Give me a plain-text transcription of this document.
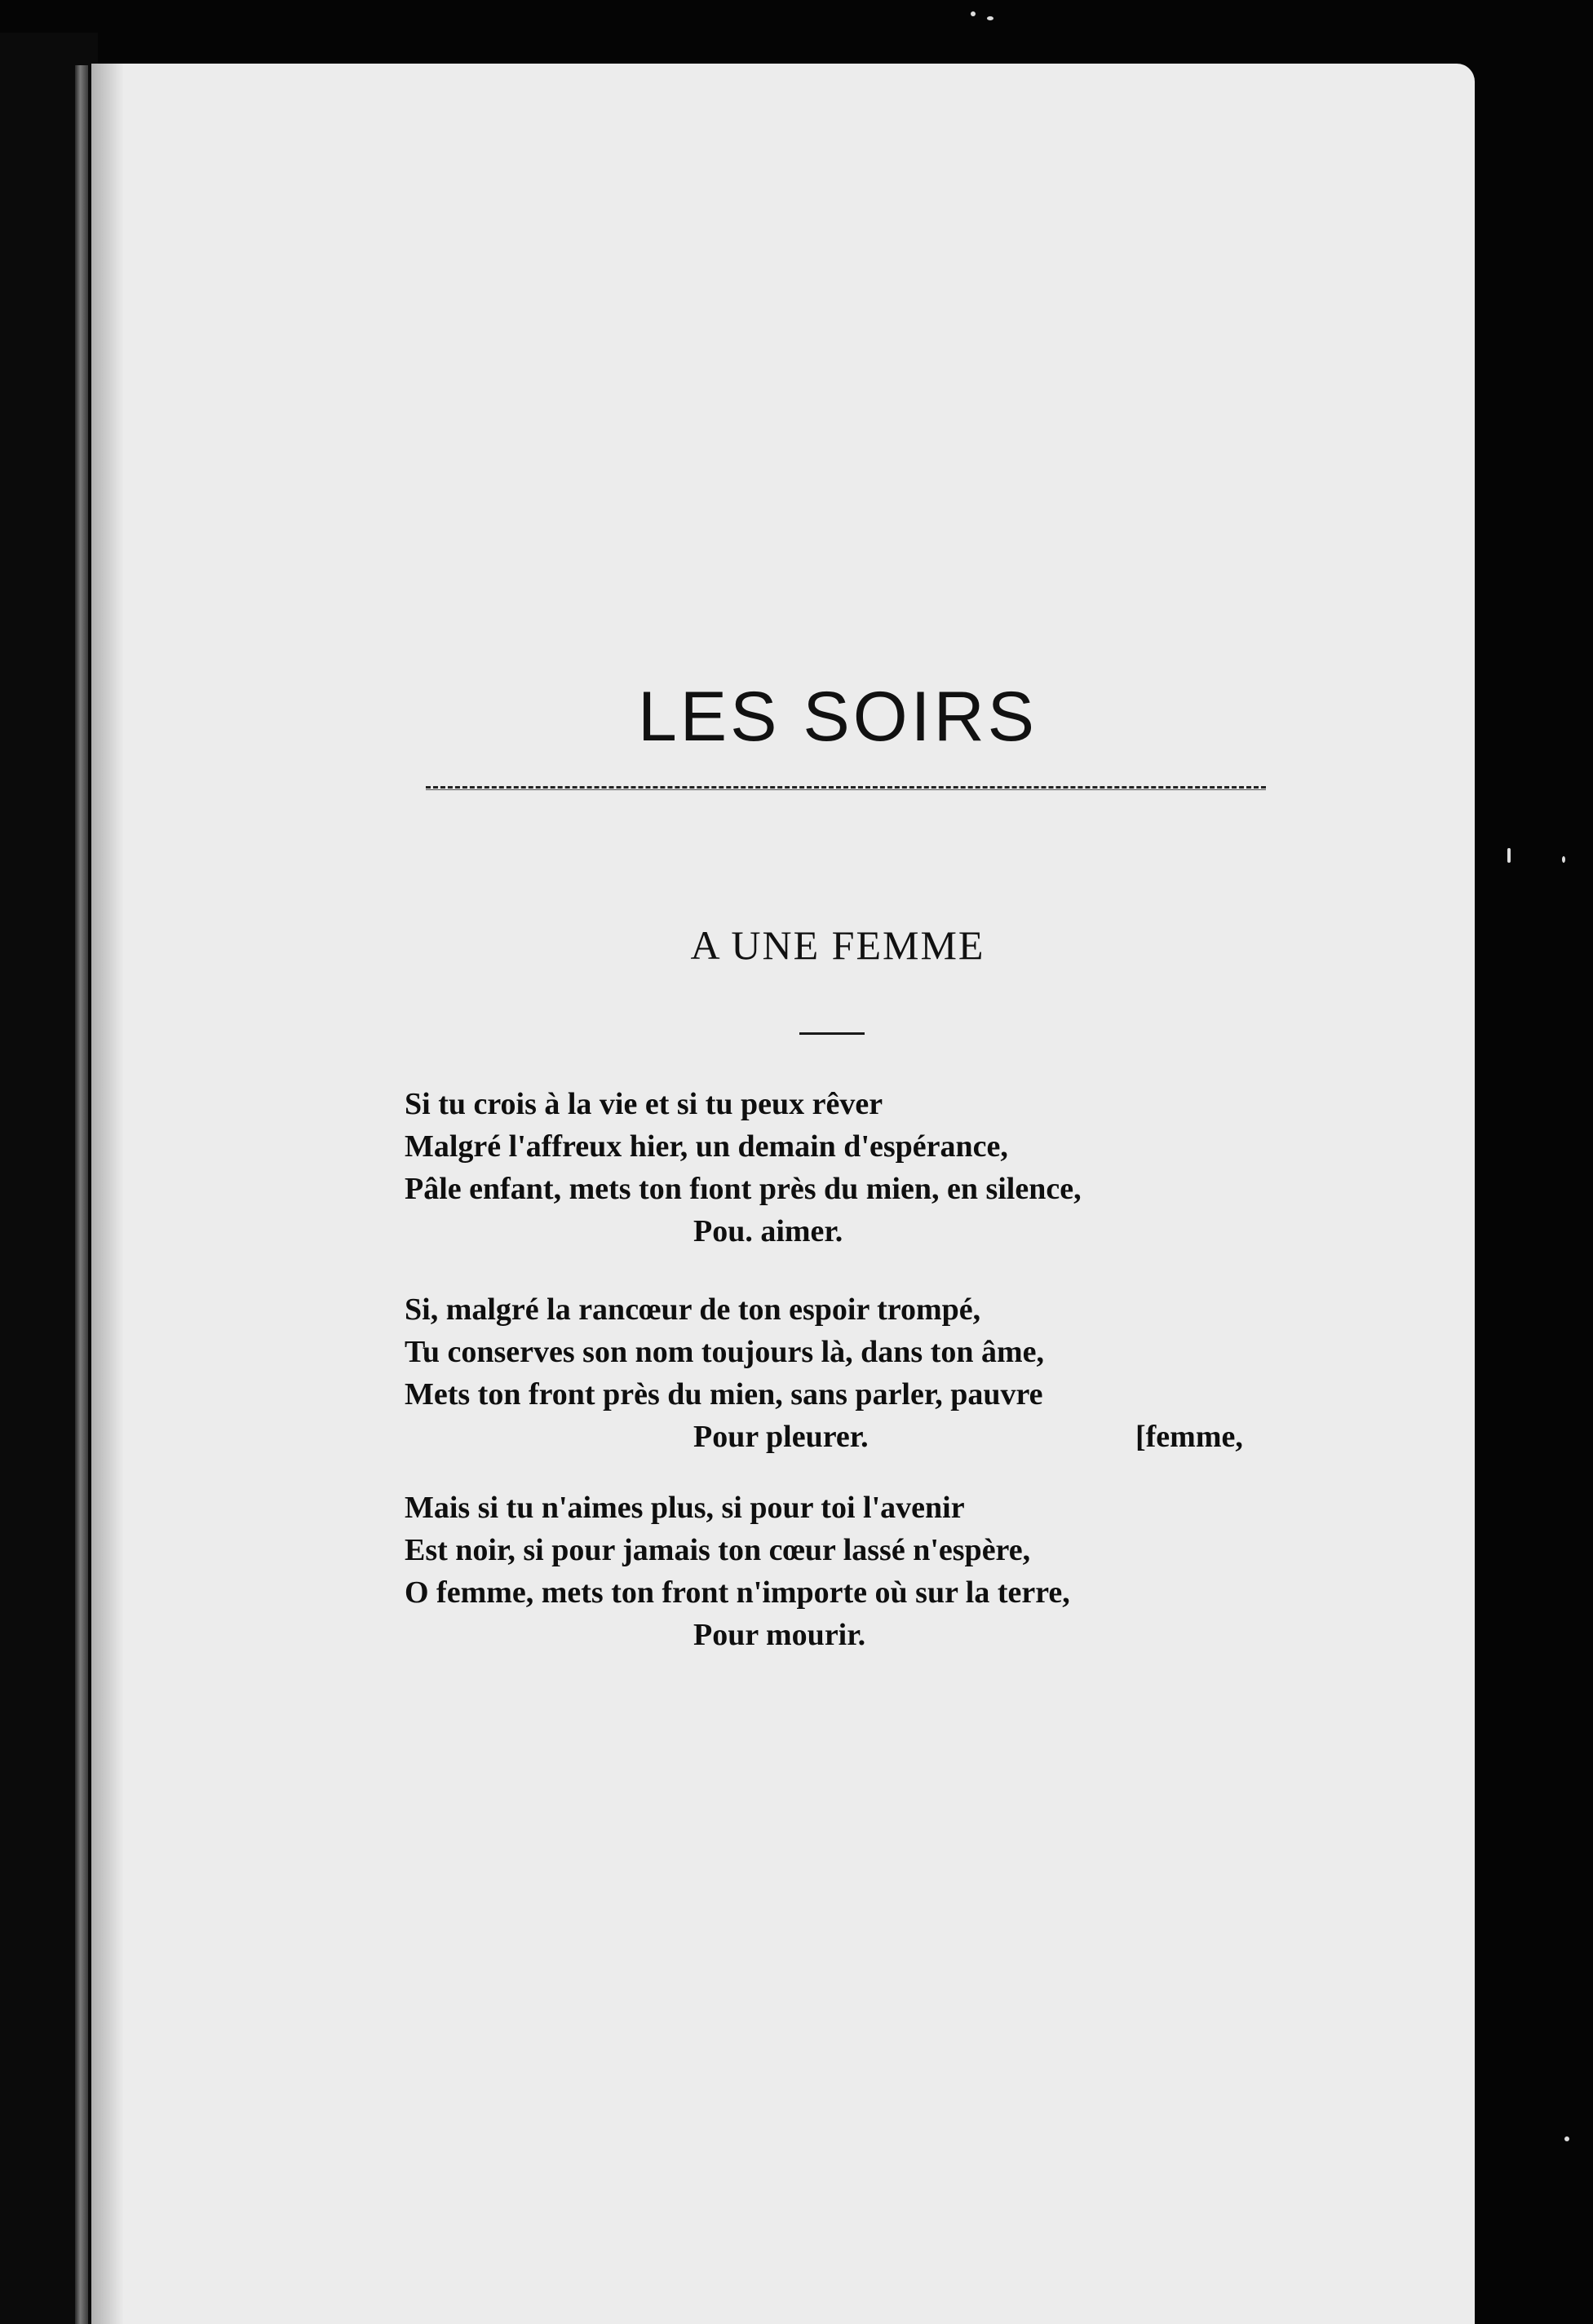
LES SOIRS
A UNE FEMME
Si tu crois à la vie et si tu peux rêver
Malgré l'affreux hier, un demain d'espérance,
Pâle enfant, mets ton fıont près du mien, en silence,
Pou. aimer.
Si, malgré la rancœur de ton espoir trompé,
Tu conserves son nom toujours là, dans ton âme,
Mets ton front près du mien, sans parler, pauvre
Pour pleurer.	[femme,
Mais si tu n'aimes plus, si pour toi l'avenir
Est noir, si pour jamais ton cœur lassé n'espère,
O femme, mets ton front n'importe où sur la terre,
Pour mourir.
